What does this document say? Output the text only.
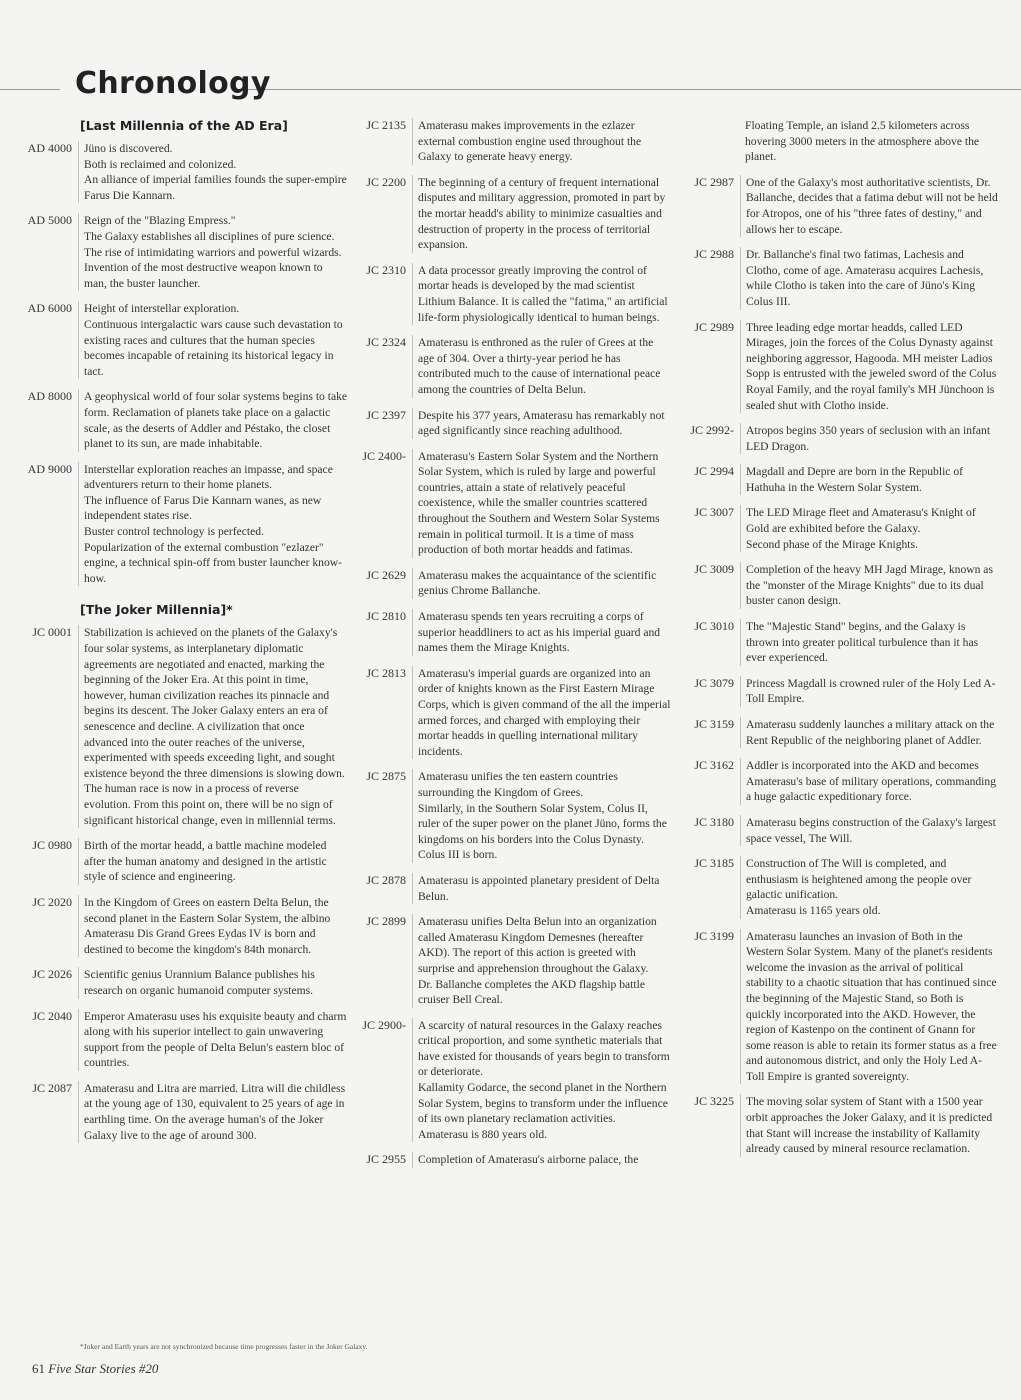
Chronology
[Last Millennia of the AD Era]
AD 4000	Jüno is discovered.

Both is reclaimed and colonized.

An alliance of imperial families founds the super-empire Farus Die Kannarn.

AD 5000	Reign of the "Blazing Empress."

The Galaxy establishes all disciplines of pure science.

The rise of intimidating warriors and powerful wizards.

Invention of the most destructive weapon known to man, the buster launcher.

AD 6000	Height of interstellar exploration.

Continuous intergalactic wars cause such devastation to existing races and cultures that the human species becomes incapable of retaining its historical legacy in tact.

AD 8000	A geophysical world of four solar systems begins to take form. Reclamation of planets take place on a galactic scale, as the deserts of Addler and Péstako, the closet planet to its sun, are made inhabitable.

AD 9000	Interstellar exploration reaches an impasse, and space adventurers return to their home planets.

The influence of Farus Die Kannarn wanes, as new independent states rise.

Buster control technology is perfected.

Popularization of the external combustion "ezlazer" engine, a technical spin-off from buster launcher know-how.

[The Joker Millennia]*
JC 0001	Stabilization is achieved on the planets of the Galaxy's four solar systems, as interplanetary diplomatic agreements are negotiated and enacted, marking the beginning of the Joker Era. At this point in time, however, human civilization reaches its pinnacle and begins its descent. The Joker Galaxy enters an era of senescence and decline. A civilization that once advanced into the outer reaches of the universe, experimented with speeds exceeding light, and sought existence beyond the three dimensions is slowing down. The human race is now in a process of reverse evolution. From this point on, there will be no sign of significant historical change, even in millennial terms.

JC 0980	Birth of the mortar headd, a battle machine modeled after the human anatomy and designed in the artistic style of science and engineering.

JC 2020	In the Kingdom of Grees on eastern Delta Belun, the second planet in the Eastern Solar System, the albino Amaterasu Dis Grand Grees Eydas IV is born and destined to become the kingdom's 84th monarch.

JC 2026	Scientific genius Urannium Balance publishes his research on organic humanoid computer systems.

JC 2040	Emperor Amaterasu uses his exquisite beauty and charm along with his superior intellect to gain unwavering support from the people of Delta Belun's eastern bloc of countries.

JC 2087	Amaterasu and Litra are married. Litra will die childless at the young age of 130, equivalent to 25 years of age in earthling time. On the average human's of the Joker Galaxy live to the age of around 300.

JC 2135	Amaterasu makes improvements in the ezlazer external combustion engine used throughout the Galaxy to generate heavy energy.

JC 2200	The beginning of a century of frequent international disputes and military aggression, promoted in part by the mortar headd's ability to minimize casualties and destruction of property in the process of territorial expansion.

JC 2310	A data processor greatly improving the control of mortar heads is developed by the mad scientist Lithium Balance. It is called the "fatima," an artificial life-form physiologically identical to human beings.

JC 2324	Amaterasu is enthroned as the ruler of Grees at the age of 304. Over a thirty-year period he has contributed much to the cause of international peace among the countries of Delta Belun.

JC 2397	Despite his 377 years, Amaterasu has remarkably not aged significantly since reaching adulthood.

JC 2400-	Amaterasu's Eastern Solar System and the Northern Solar System, which is ruled by large and powerful countries, attain a state of relatively peaceful coexistence, while the smaller countries scattered throughout the Southern and Western Solar Systems remain in political turmoil. It is a time of mass production of both mortar headds and fatimas.

JC 2629	Amaterasu makes the acquaintance of the scientific genius Chrome Ballanche.

JC 2810	Amaterasu spends ten years recruiting a corps of superior headdliners to act as his imperial guard and names them the Mirage Knights.

JC 2813	Amaterasu's imperial guards are organized into an order of knights known as the First Eastern Mirage Corps, which is given command of the all the imperial armed forces, and charged with employing their mortar headds in quelling international military incidents.

JC 2875	Amaterasu unifies the ten eastern countries surrounding the Kingdom of Grees.

Similarly, in the Southern Solar System, Colus II, ruler of the super power on the planet Jüno, forms the kingdoms on his borders into the Colus Dynasty.

Colus III is born.

JC 2878	Amaterasu is appointed planetary president of Delta Belun.

JC 2899	Amaterasu unifies Delta Belun into an organization called Amaterasu Kingdom Demesnes (hereafter AKD). The report of this action is greeted with surprise and apprehension throughout the Galaxy.

Dr. Ballanche completes the AKD flagship battle cruiser Bell Creal.

JC 2900-	A scarcity of natural resources in the Galaxy reaches critical proportion, and some synthetic materials that have existed for thousands of years begin to transform or deteriorate.

Kallamity Godarce, the second planet in the Northern Solar System, begins to transform under the influence of its own planetary reclamation activities.

Amaterasu is 880 years old.

JC 2955	Completion of Amaterasu's airborne palace, the

Floating Temple, an island 2.5 kilometers across hovering 3000 meters in the atmosphere above the planet.

JC 2987	One of the Galaxy's most authoritative scientists, Dr. Ballanche, decides that a fatima debut will not be held for Atropos, one of his "three fates of destiny," and allows her to escape.

JC 2988	Dr. Ballanche's final two fatimas, Lachesis and Clotho, come of age. Amaterasu acquires Lachesis, while Clotho is taken into the care of Jüno's King Colus III.

JC 2989	Three leading edge mortar headds, called LED Mirages, join the forces of the Colus Dynasty against neighboring aggressor, Hagooda. MH meister Ladios Sopp is entrusted with the jeweled sword of the Colus Royal Family, and the royal family's MH Jünchoon is sealed shut with Clotho inside.

JC 2992-	Atropos begins 350 years of seclusion with an infant LED Dragon.

JC 2994	Magdall and Depre are born in the Republic of Hathuha in the Western Solar System.

JC 3007	The LED Mirage fleet and Amaterasu's Knight of Gold are exhibited before the Galaxy.

Second phase of the Mirage Knights.

JC 3009	Completion of the heavy MH Jagd Mirage, known as the "monster of the Mirage Knights" due to its dual buster canon design.

JC 3010	The "Majestic Stand" begins, and the Galaxy is thrown into greater political turbulence than it has ever experienced.

JC 3079	Princess Magdall is crowned ruler of the Holy Led A-Toll Empire.

JC 3159	Amaterasu suddenly launches a military attack on the Rent Republic of the neighboring planet of Addler.

JC 3162	Addler is incorporated into the AKD and becomes Amaterasu's base of military operations, commanding a huge galactic expeditionary force.

JC 3180	Amaterasu begins construction of the Galaxy's largest space vessel, The Will.

JC 3185	Construction of The Will is completed, and enthusiasm is heightened among the people over galactic unification.

Amaterasu is 1165 years old.

JC 3199	Amaterasu launches an invasion of Both in the Western Solar System. Many of the planet's residents welcome the invasion as the arrival of political stability to a chaotic situation that has continued since the beginning of the Majestic Stand, so Both is quickly incorporated into the AKD. However, the region of Kastenpo on the continent of Gnann for some reason is able to retain its former status as a free and autonomous district, and only the Holy Led A-Toll Empire is granted sovereignty.

JC 3225	The moving solar system of Stant with a 1500 year orbit approaches the Joker Galaxy, and it is predicted that Stant will increase the instability of Kallamity already caused by mineral resource reclamation.

*Joker and Earth years are not synchronized because time progresses faster in the Joker Galaxy.
61 Five Star Stories #20
